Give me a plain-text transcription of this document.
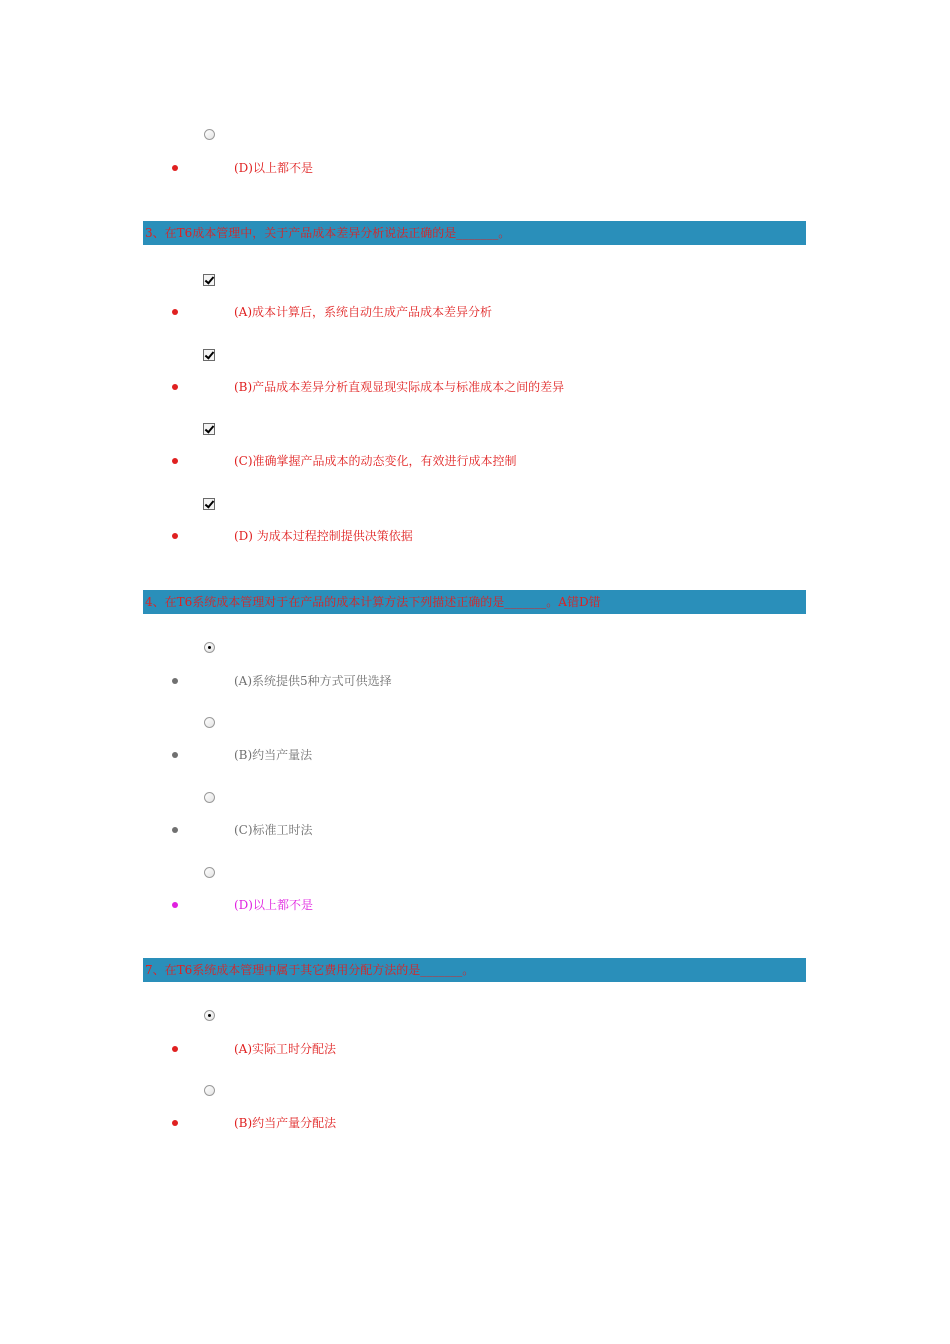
(D)以上都不是
3、在T6成本管理中，关于产品成本差异分析说法正确的是_______。
(A)成本计算后，系统自动生成产品成本差异分析
(B)产品成本差异分析直观显现实际成本与标准成本之间的差异
(C)准确掌握产品成本的动态变化，有效进行成本控制
(D) 为成本过程控制提供决策依据
4、在T6系统成本管理对于在产品的成本计算方法下列描述正确的是_______。A错D错
(A)系统提供5种方式可供选择
(B)约当产量法
(C)标准工时法
(D)以上都不是
7、在T6系统成本管理中属于其它费用分配方法的是_______。
(A)实际工时分配法
(B)约当产量分配法
